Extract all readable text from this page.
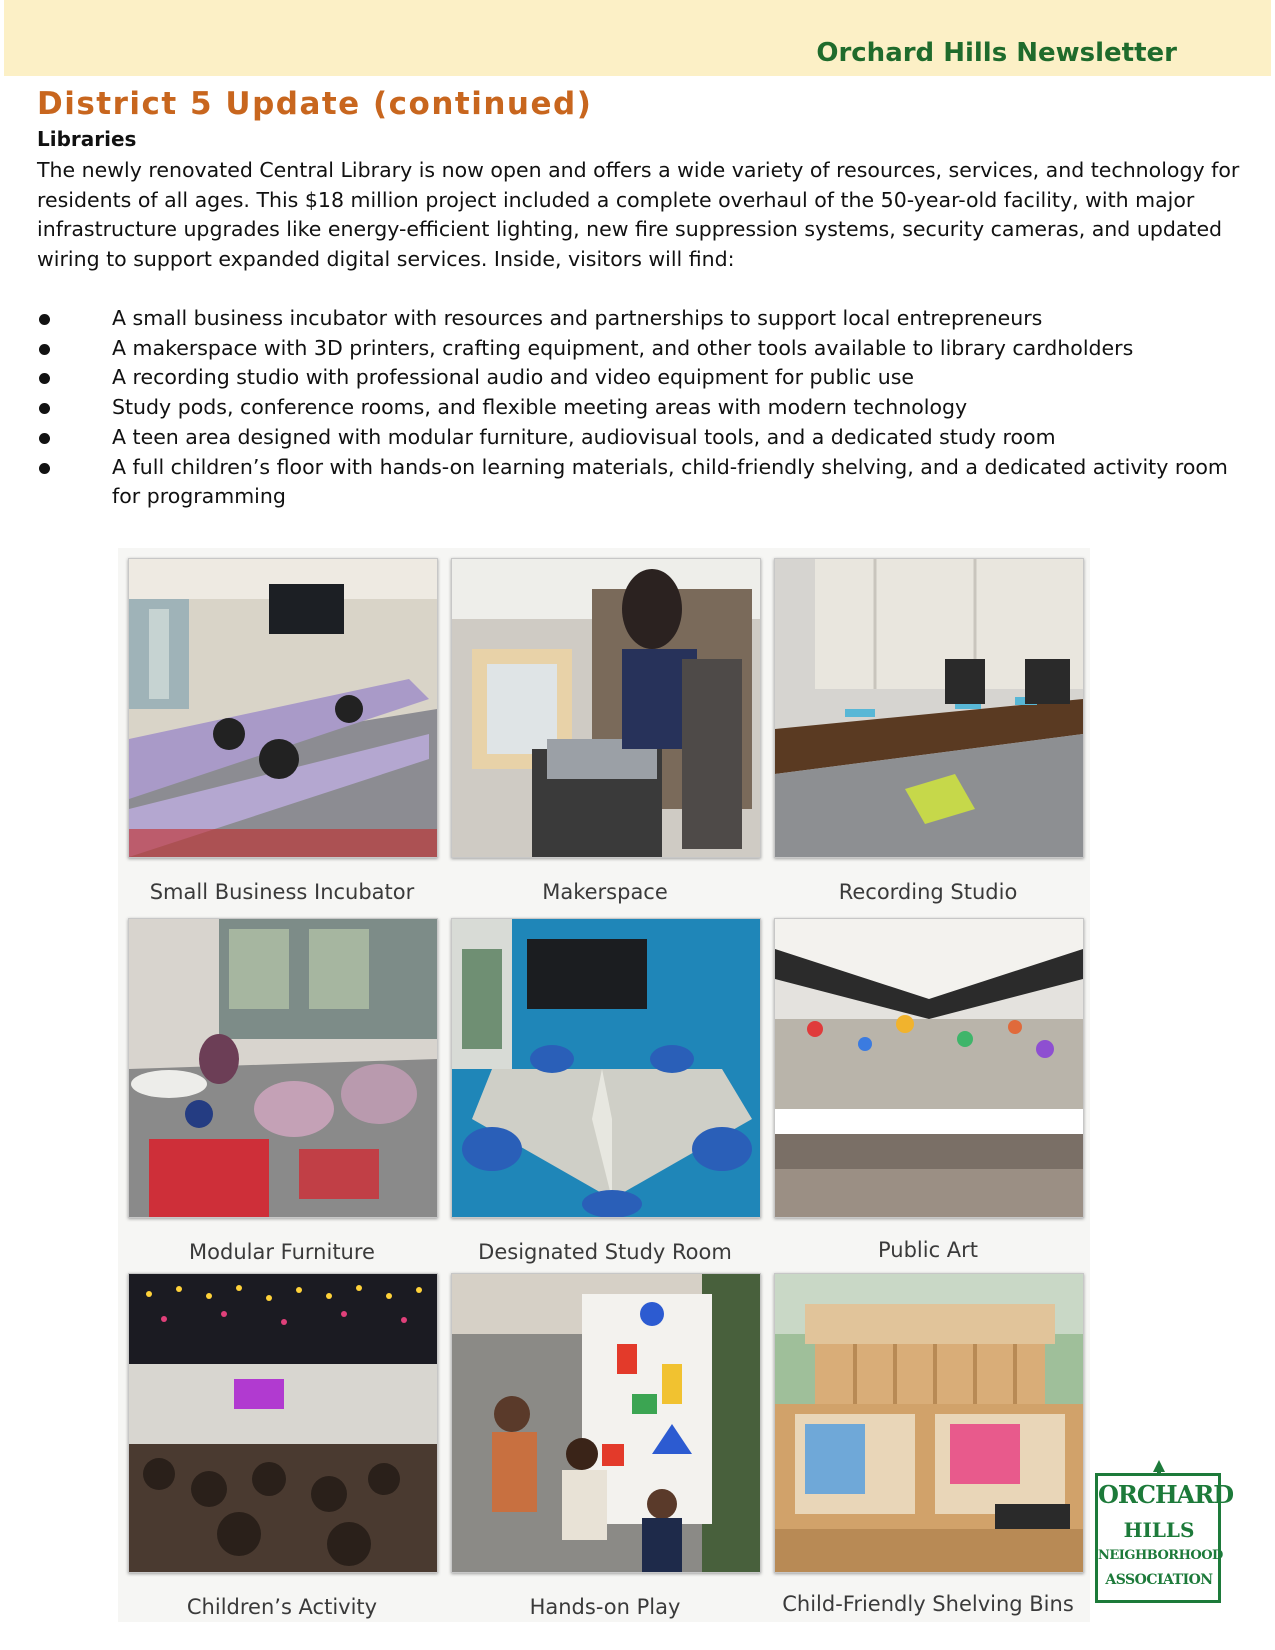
Orchard Hills Newsletter
District 5 Update (continued)
Libraries

The newly renovated Central Library is now open and offers a wide variety of resources, services, and technology for residents of all ages. This $18 million project included a complete overhaul of the 50-year-old facility, with major infrastructure upgrades like energy-efficient lighting, new fire suppression systems, security cameras, and updated wiring to support expanded digital services. Inside, visitors will find:

A small business incubator with resources and partnerships to support local entrepreneurs
A makerspace with 3D printers, crafting equipment, and other tools available to library cardholders
A recording studio with professional audio and video equipment for public use
Study pods, conference rooms, and flexible meeting areas with modern technology
A teen area designed with modular furniture, audiovisual tools, and a dedicated study room
A full children’s floor with hands-on learning materials, child-friendly shelving, and a dedicated activity room for programming
Small Business Incubator	Makerspace	Recording Studio
Modular Furniture	Designated Study Room	Public Art
Children’s Activity	Hands-on Play	Child-Friendly Shelving Bins
ORCHARD
HILLS
NEIGHBORHOOD
ASSOCIATION
